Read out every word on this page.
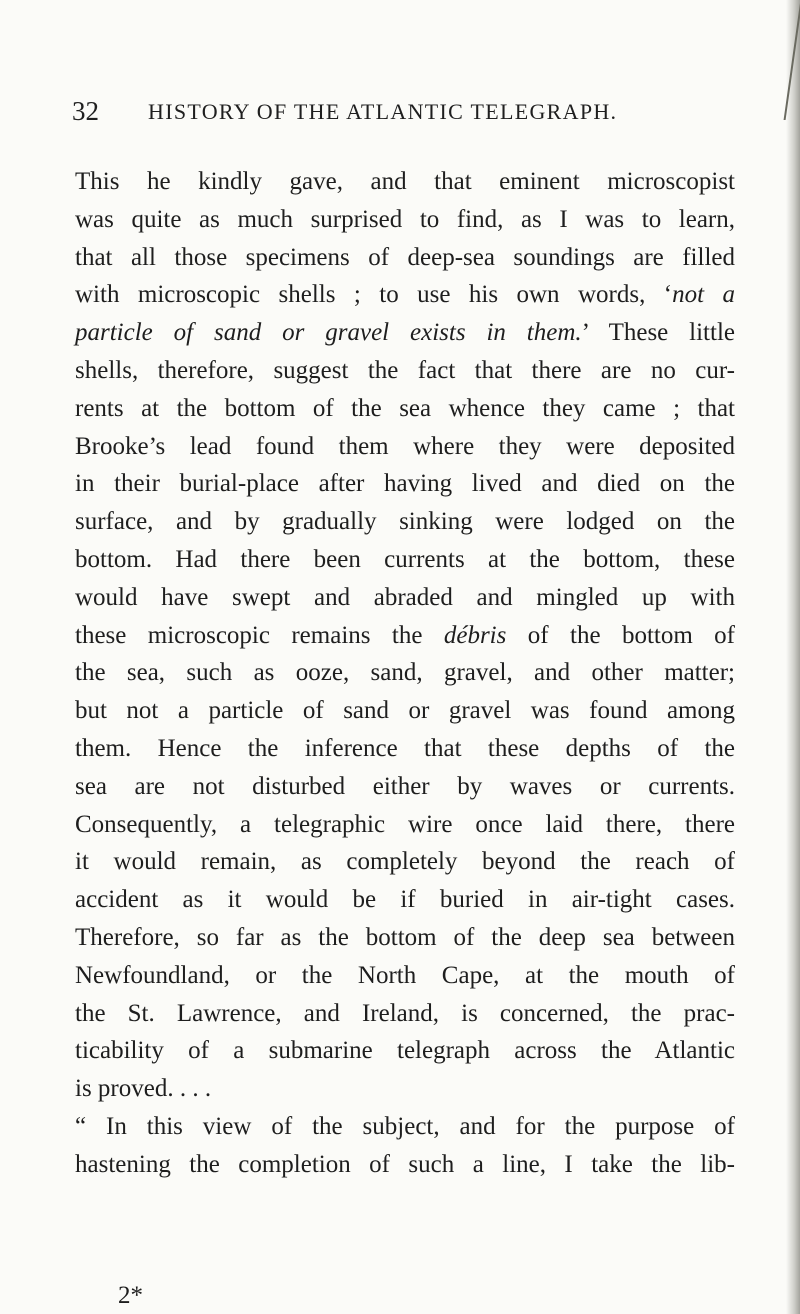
32 HISTORY OF THE ATLANTIC TELEGRAPH.
This he kindly gave, and that eminent microscopist
was quite as much surprised to find, as I was to learn,
that all those specimens of deep-sea soundings are filled
with microscopic shells ; to use his own words, ‘not a
particle of sand or gravel exists in them.’ These little
shells, therefore, suggest the fact that there are no cur-
rents at the bottom of the sea whence they came ; that
Brooke’s lead found them where they were deposited
in their burial-place after having lived and died on the
surface, and by gradually sinking were lodged on the
bottom. Had there been currents at the bottom, these
would have swept and abraded and mingled up with
these microscopic remains the débris of the bottom of
the sea, such as ooze, sand, gravel, and other matter;
but not a particle of sand or gravel was found among
them. Hence the inference that these depths of the
sea are not disturbed either by waves or currents.
Consequently, a telegraphic wire once laid there, there
it would remain, as completely beyond the reach of
accident as it would be if buried in air-tight cases.
Therefore, so far as the bottom of the deep sea between
Newfoundland, or the North Cape, at the mouth of
the St. Lawrence, and Ireland, is concerned, the prac-
ticability of a submarine telegraph across the Atlantic
is proved. . . .
“ In this view of the subject, and for the purpose of
hastening the completion of such a line, I take the lib-
2*
